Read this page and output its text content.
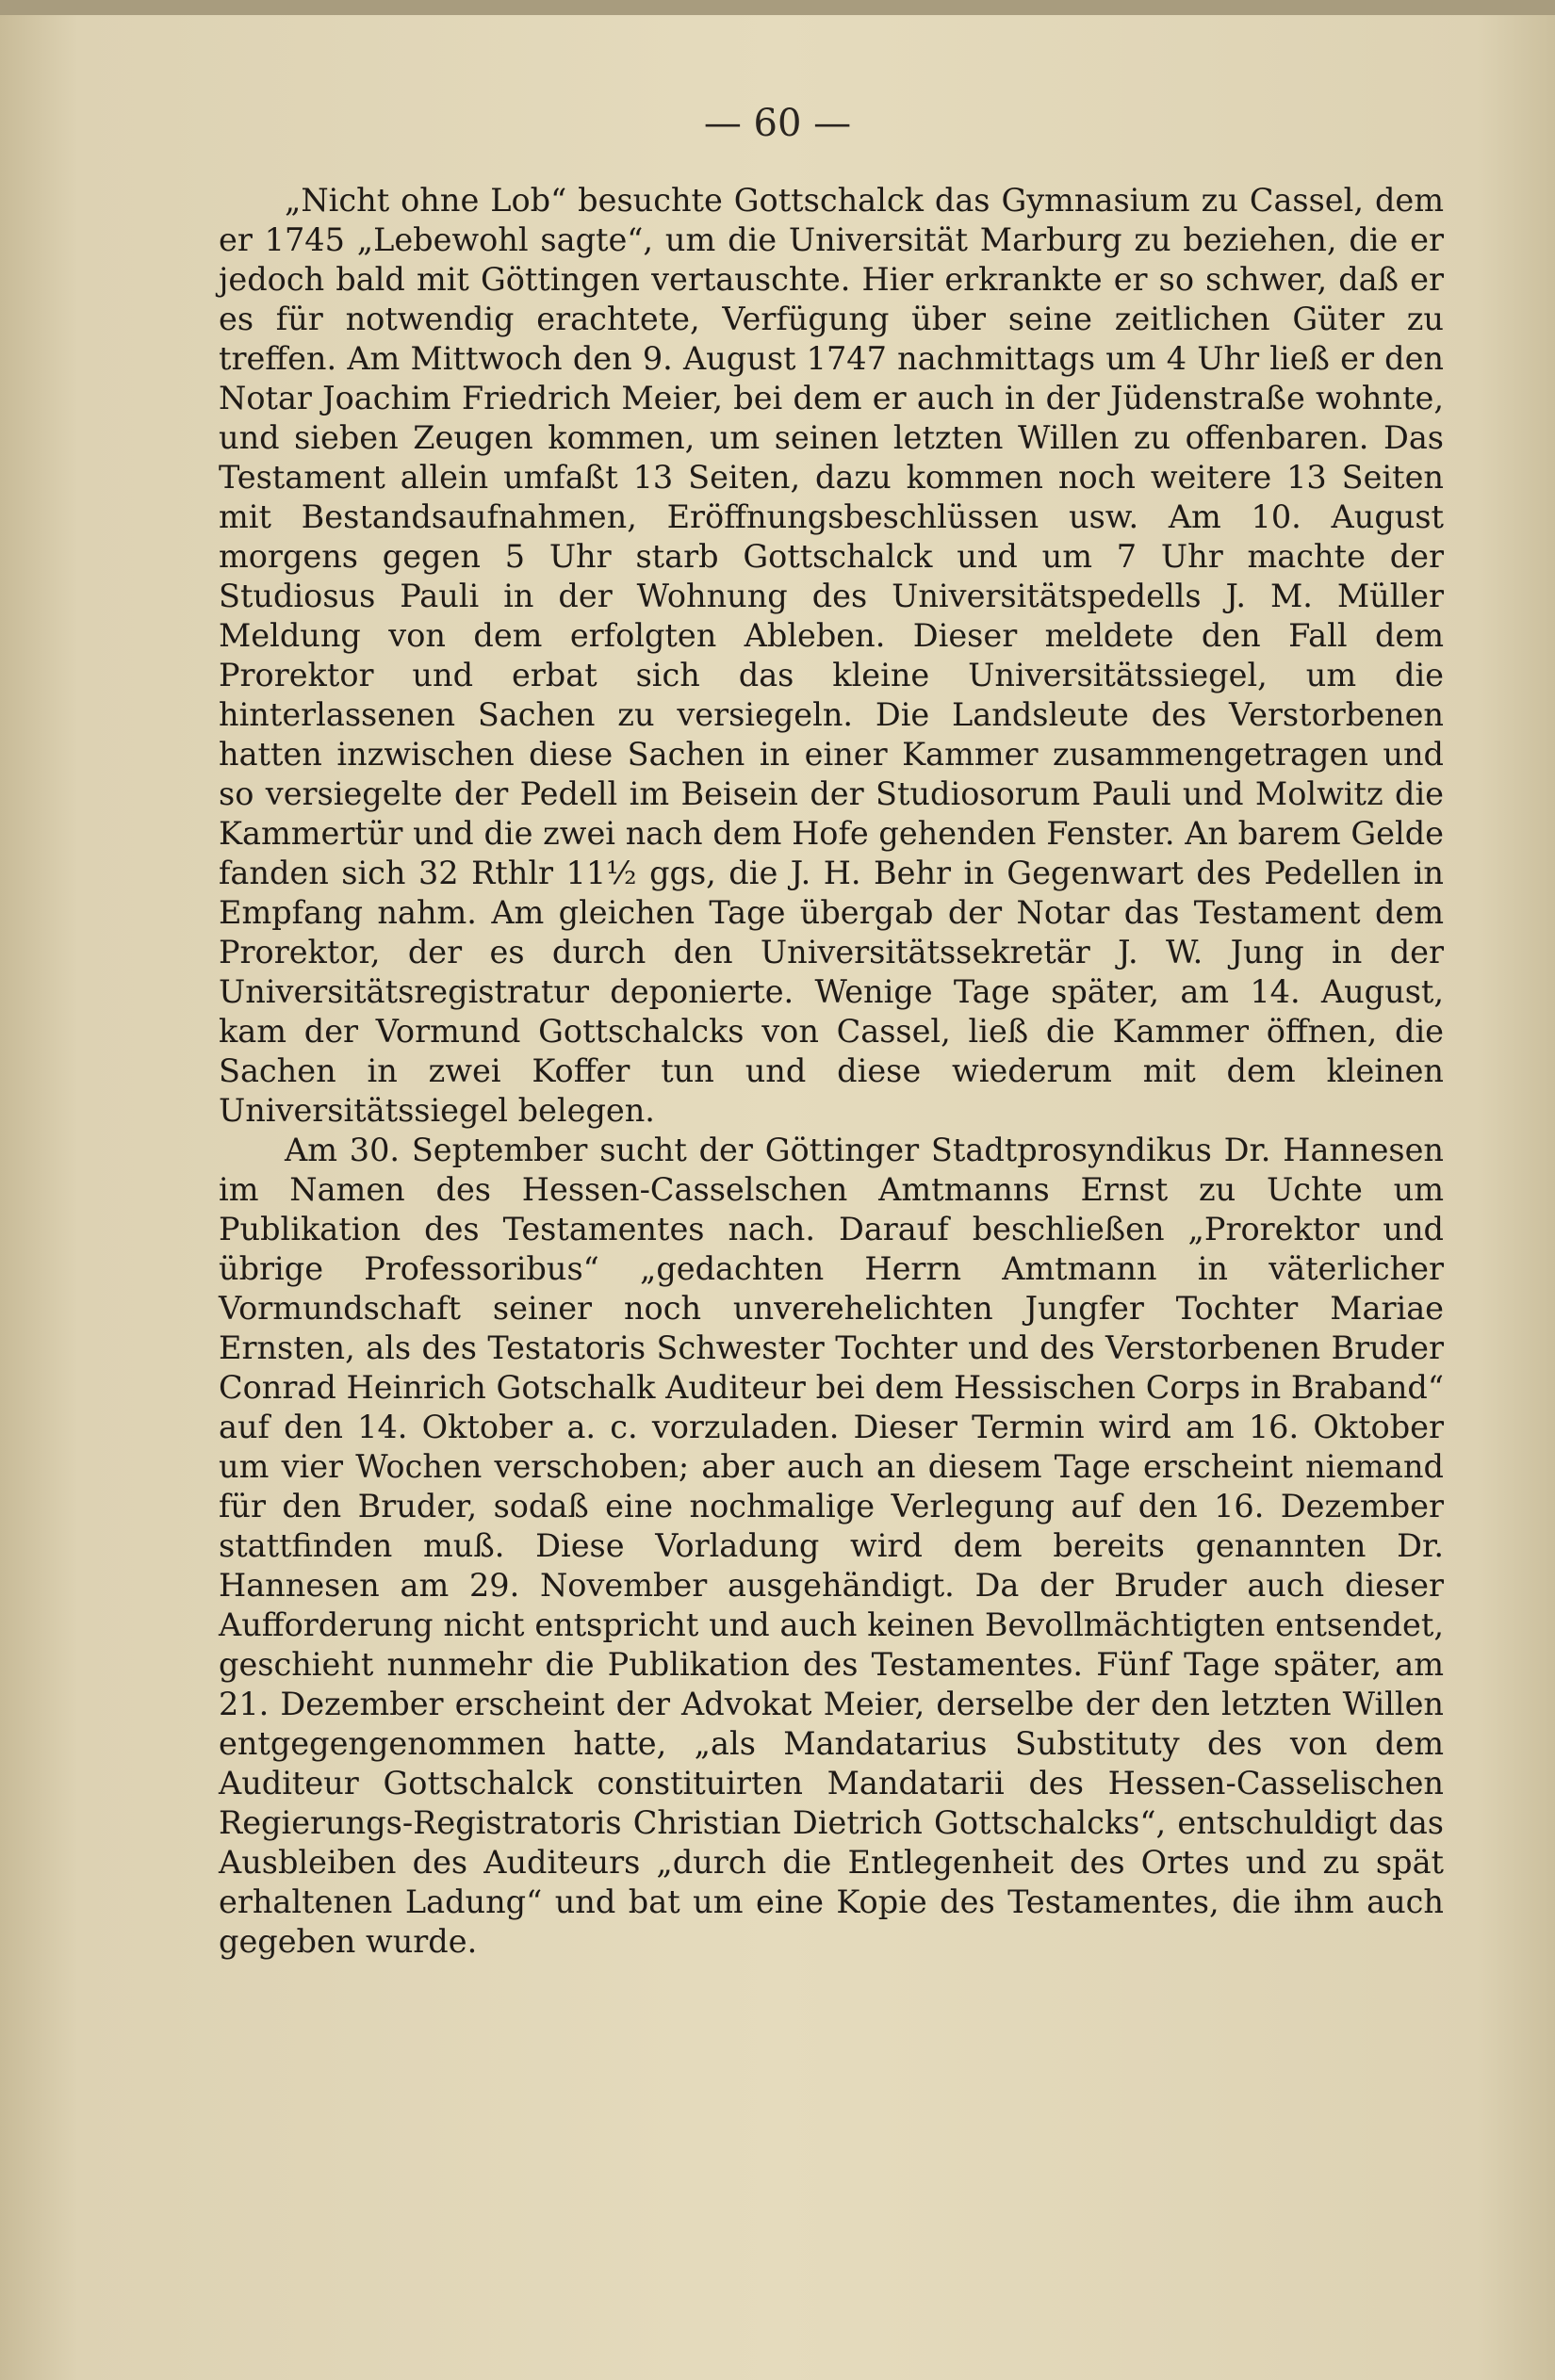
— 60 —

„Nicht ohne Lob“ besuchte Gottschalck das Gymnasium zu Cassel, dem er 1745 „Lebewohl sagte“, um die Universität Marburg zu beziehen, die er jedoch bald mit Göttingen vertauschte. Hier erkrankte er so schwer, daß er es für notwendig erachtete, Verfügung über seine zeitlichen Güter zu treffen. Am Mittwoch den 9. August 1747 nachmittags um 4 Uhr ließ er den Notar Joachim Friedrich Meier, bei dem er auch in der Jüdenstraße wohnte, und sieben Zeugen kommen, um seinen letzten Willen zu offenbaren. Das Testament allein umfaßt 13 Seiten, dazu kommen noch weitere 13 Seiten mit Bestandsaufnahmen, Eröffnungsbeschlüssen usw. Am 10. August morgens gegen 5 Uhr starb Gottschalck und um 7 Uhr machte der Studiosus Pauli in der Wohnung des Universitätspedells J. M. Müller Meldung von dem erfolgten Ableben. Dieser meldete den Fall dem Prorektor und erbat sich das kleine Universitätssiegel, um die hinterlassenen Sachen zu versiegeln. Die Landsleute des Verstorbenen hatten inzwischen diese Sachen in einer Kammer zusammengetragen und so versiegelte der Pedell im Beisein der Studiosorum Pauli und Molwitz die Kammertür und die zwei nach dem Hofe gehenden Fenster. An barem Gelde fanden sich 32 Rthlr 11½ ggs, die J. H. Behr in Gegenwart des Pedellen in Empfang nahm. Am gleichen Tage übergab der Notar das Testament dem Prorektor, der es durch den Universitätssekretär J. W. Jung in der Universitätsregistratur deponierte. Wenige Tage später, am 14. August, kam der Vormund Gottschalcks von Cassel, ließ die Kammer öffnen, die Sachen in zwei Koffer tun und diese wiederum mit dem kleinen Universitätssiegel belegen.

Am 30. September sucht der Göttinger Stadtprosyndikus Dr. Hannesen im Namen des Hessen-Casselschen Amtmanns Ernst zu Uchte um Publikation des Testamentes nach. Darauf beschließen „Prorektor und übrige Professoribus“ „gedachten Herrn Amtmann in väterlicher Vormundschaft seiner noch unverehelichten Jungfer Tochter Mariae Ernsten, als des Testatoris Schwester Tochter und des Verstorbenen Bruder Conrad Heinrich Gotschalk Auditeur bei dem Hessischen Corps in Braband“ auf den 14. Oktober a. c. vorzuladen. Dieser Termin wird am 16. Oktober um vier Wochen verschoben; aber auch an diesem Tage erscheint niemand für den Bruder, sodaß eine nochmalige Verlegung auf den 16. Dezember stattfinden muß. Diese Vorladung wird dem bereits genannten Dr. Hannesen am 29. November ausgehändigt. Da der Bruder auch dieser Aufforderung nicht entspricht und auch keinen Bevollmächtigten entsendet, geschieht nunmehr die Publikation des Testamentes. Fünf Tage später, am 21. Dezember erscheint der Advokat Meier, derselbe der den letzten Willen entgegengenommen hatte, „als Mandatarius Substituty des von dem Auditeur Gottschalck constituirten Mandatarii des Hessen-Casselischen Regierungs-Registratoris Christian Dietrich Gottschalcks“, entschuldigt das Ausbleiben des Auditeurs „durch die Entlegenheit des Ortes und zu spät erhaltenen Ladung“ und bat um eine Kopie des Testamentes, die ihm auch gegeben wurde.
